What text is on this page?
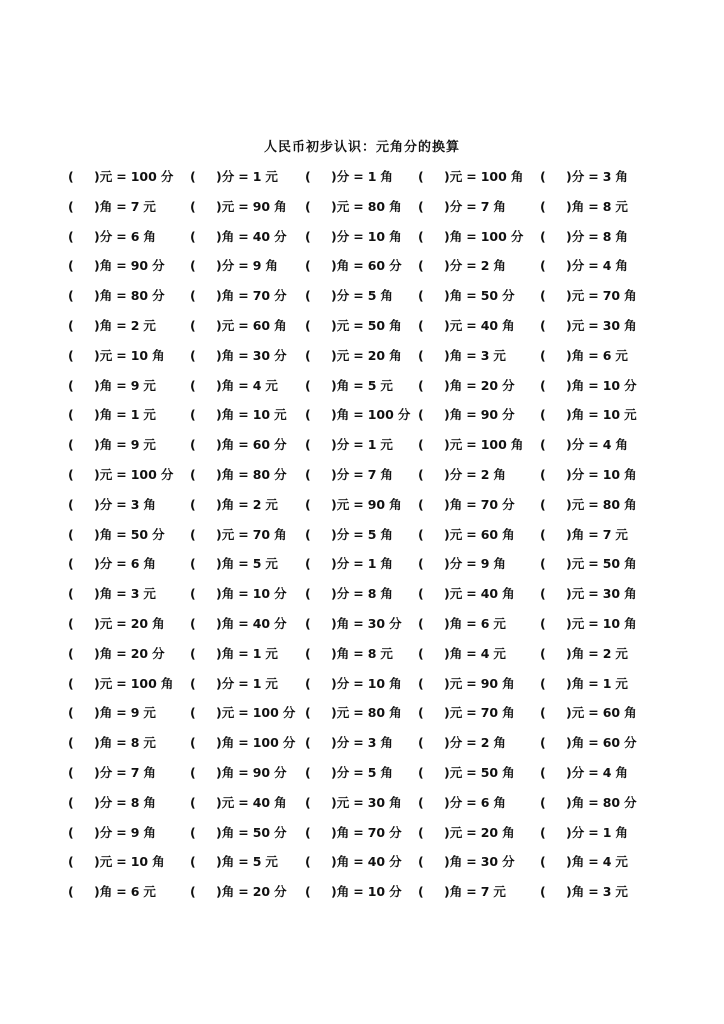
人民币初步认识：元角分的换算
( )元 = 100 分 ( )分 = 1 元 ( )分 = 1 角 ( )元 = 100 角 ( )分 = 3 角
( )角 = 7 元	( )元 = 90 角 ( )元 = 80 角 ( )分 = 7 角	( )角 = 8 元
( )分 = 6 角	( )角 = 40 分 ( )分 = 10 角 ( )角 = 100 分 ( )分 = 8 角
( )角 = 90 分 ( )分 = 9 角 ( )角 = 60 分 ( )分 = 2 角	( )分 = 4 角
( )角 = 80 分 ( )角 = 70 分 ( )分 = 5 角 ( )角 = 50 分 ( )元 = 70 角
( )角 = 2 元	( )元 = 60 角 ( )元 = 50 角 ( )元 = 40 角 ( )元 = 30 角
( )元 = 10 角 ( )角 = 30 分 ( )元 = 20 角 ( )角 = 3 元	( )角 = 6 元
( )角 = 9 元	( )角 = 4 元 ( )角 = 5 元 ( )角 = 20 分 ( )角 = 10 分
( )角 = 1 元	( )角 = 10 元 ( )角 = 100 分 ( )角 = 90 分 ( )角 = 10 元
( )角 = 9 元	( )角 = 60 分 ( )分 = 1 元 ( )元 = 100 角 ( )分 = 4 角
( )元 = 100 分 ( )角 = 80 分 ( )分 = 7 角 ( )分 = 2 角	( )分 = 10 角
( )分 = 3 角	( )角 = 2 元 ( )元 = 90 角 ( )角 = 70 分 ( )元 = 80 角
( )角 = 50 分 ( )元 = 70 角 ( )分 = 5 角 ( )元 = 60 角 ( )角 = 7 元
( )分 = 6 角	( )角 = 5 元 ( )分 = 1 角 ( )分 = 9 角	( )元 = 50 角
( )角 = 3 元	( )角 = 10 分 ( )分 = 8 角 ( )元 = 40 角 ( )元 = 30 角
( )元 = 20 角 ( )角 = 40 分 ( )角 = 30 分 ( )角 = 6 元	( )元 = 10 角
( )角 = 20 分 ( )角 = 1 元 ( )角 = 8 元 ( )角 = 4 元	( )角 = 2 元
( )元 = 100 角 ( )分 = 1 元 ( )分 = 10 角 ( )元 = 90 角 ( )角 = 1 元
( )角 = 9 元	( )元 = 100 分 ( )元 = 80 角 ( )元 = 70 角 ( )元 = 60 角
( )角 = 8 元	( )角 = 100 分 ( )分 = 3 角 ( )分 = 2 角	( )角 = 60 分
( )分 = 7 角	( )角 = 90 分 ( )分 = 5 角 ( )元 = 50 角 ( )分 = 4 角
( )分 = 8 角	( )元 = 40 角 ( )元 = 30 角 ( )分 = 6 角	( )角 = 80 分
( )分 = 9 角	( )角 = 50 分 ( )角 = 70 分 ( )元 = 20 角 ( )分 = 1 角
( )元 = 10 角 ( )角 = 5 元 ( )角 = 40 分 ( )角 = 30 分 ( )角 = 4 元
( )角 = 6 元	( )角 = 20 分 ( )角 = 10 分 ( )角 = 7 元	( )角 = 3 元
